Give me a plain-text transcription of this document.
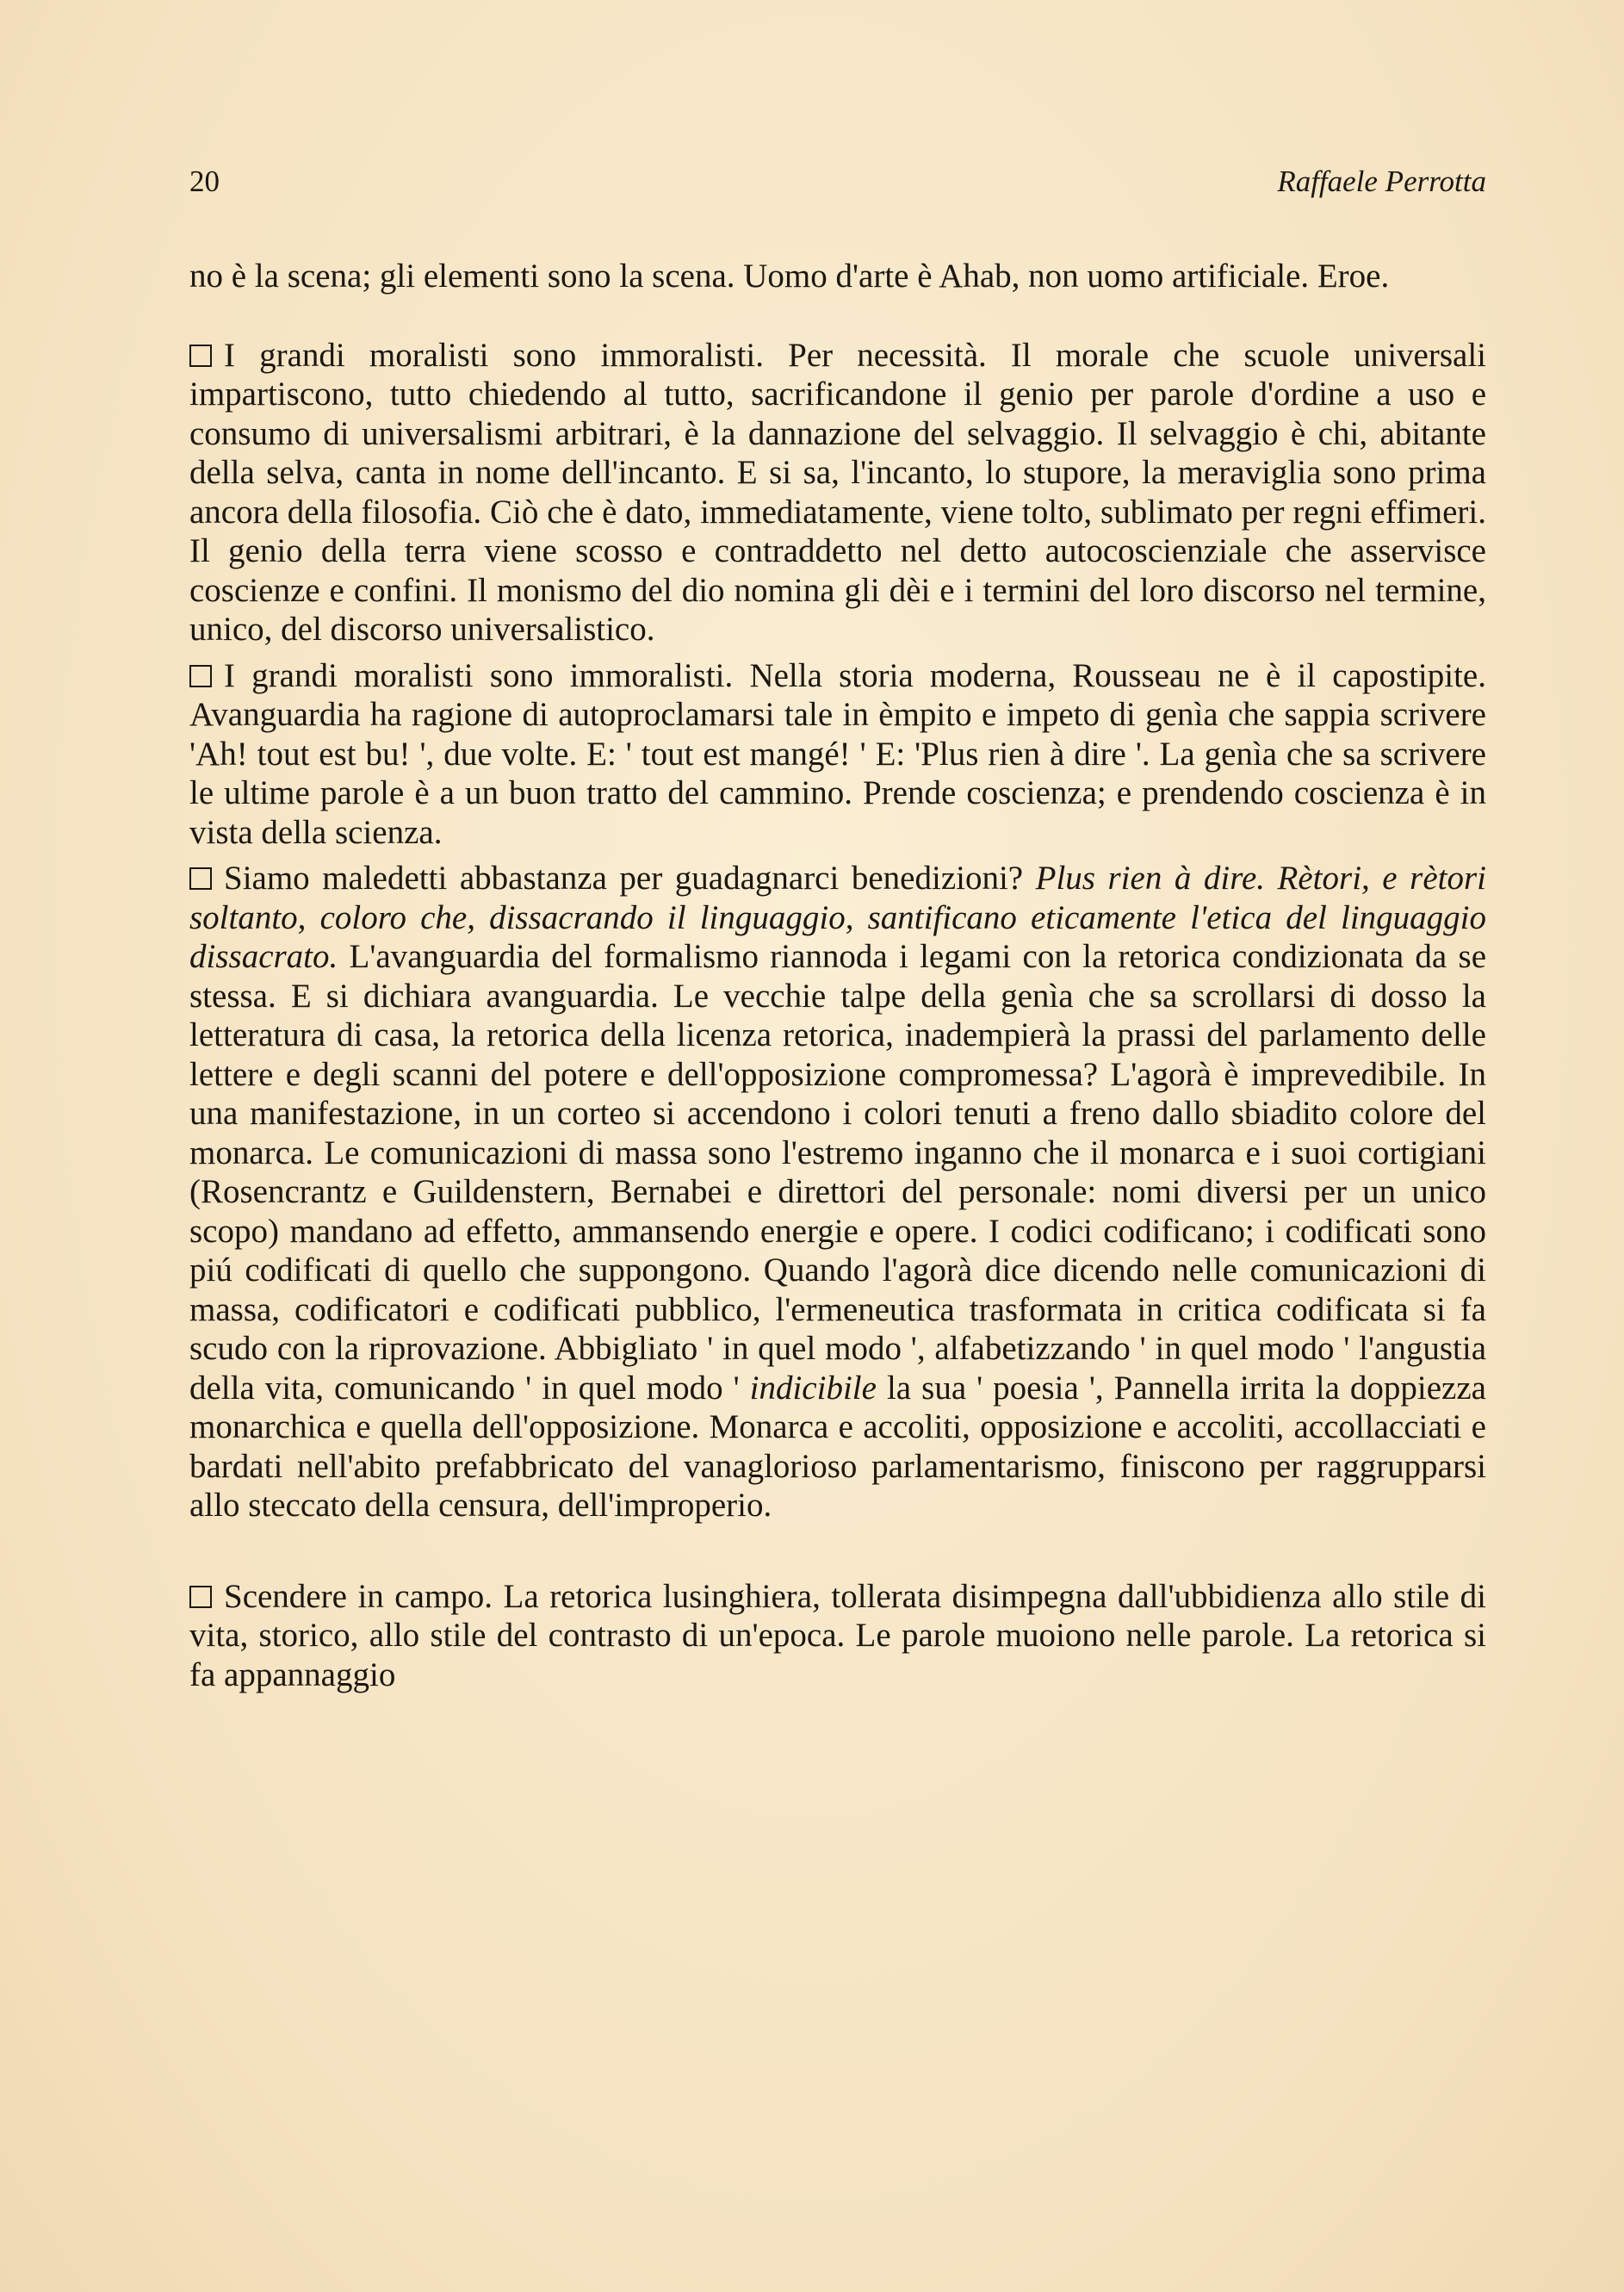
20	Raffaele Perrotta

no è la scena; gli elementi sono la scena. Uomo d'arte è Ahab, non uomo artificiale. Eroe.

I grandi moralisti sono immoralisti. Per necessità. Il morale che scuole universali impartiscono, tutto chiedendo al tutto, sacrificandone il genio per parole d'ordine a uso e consumo di universalismi arbitrari, è la dannazione del selvaggio. Il selvaggio è chi, abitante della selva, canta in nome dell'incanto. E si sa, l'incanto, lo stupore, la meraviglia sono prima ancora della filosofia. Ciò che è dato, immediatamente, viene tolto, sublimato per regni effimeri. Il genio della terra viene scosso e contraddetto nel detto autocoscienziale che asservisce coscienze e confini. Il monismo del dio nomina gli dèi e i termini del loro discorso nel termine, unico, del discorso universalistico.

I grandi moralisti sono immoralisti. Nella storia moderna, Rousseau ne è il capostipite. Avanguardia ha ragione di autoproclamarsi tale in èmpito e impeto di genìa che sappia scrivere 'Ah! tout est bu! ', due volte. E: ' tout est mangé! ' E: 'Plus rien à dire '. La genìa che sa scrivere le ultime parole è a un buon tratto del cammino. Prende coscienza; e prendendo coscienza è in vista della scienza.

Siamo maledetti abbastanza per guadagnarci benedizioni? Plus rien à dire. Rètori, e rètori soltanto, coloro che, dissacrando il linguaggio, santificano eticamente l'etica del linguaggio dissacrato. L'avanguardia del formalismo riannoda i legami con la retorica condizionata da se stessa. E si dichiara avanguardia. Le vecchie talpe della genìa che sa scrollarsi di dosso la letteratura di casa, la retorica della licenza retorica, inadempierà la prassi del parlamento delle lettere e degli scanni del potere e dell'opposizione compromessa? L'agorà è imprevedibile. In una manifestazione, in un corteo si accendono i colori tenuti a freno dallo sbiadito colore del monarca. Le comunicazioni di massa sono l'estremo inganno che il monarca e i suoi cortigiani (Rosencrantz e Guildenstern, Bernabei e direttori del personale: nomi diversi per un unico scopo) mandano ad effetto, ammansendo energie e opere. I codici codificano; i codificati sono piú codificati di quello che suppongono. Quando l'agorà dice dicendo nelle comunicazioni di massa, codificatori e codificati pubblico, l'ermeneutica trasformata in critica codificata si fa scudo con la riprovazione. Abbigliato ' in quel modo ', alfabetizzando ' in quel modo ' l'angustia della vita, comunicando ' in quel modo ' indicibile la sua ' poesia ', Pannella irrita la doppiezza monarchica e quella dell'opposizione. Monarca e accoliti, opposizione e accoliti, accollacciati e bardati nell'abito prefabbricato del vanaglorioso parlamentarismo, finiscono per raggrupparsi allo steccato della censura, dell'improperio.

Scendere in campo. La retorica lusinghiera, tollerata disimpegna dall'ubbidienza allo stile di vita, storico, allo stile del contrasto di un'epoca. Le parole muoiono nelle parole. La retorica si fa appannaggio
